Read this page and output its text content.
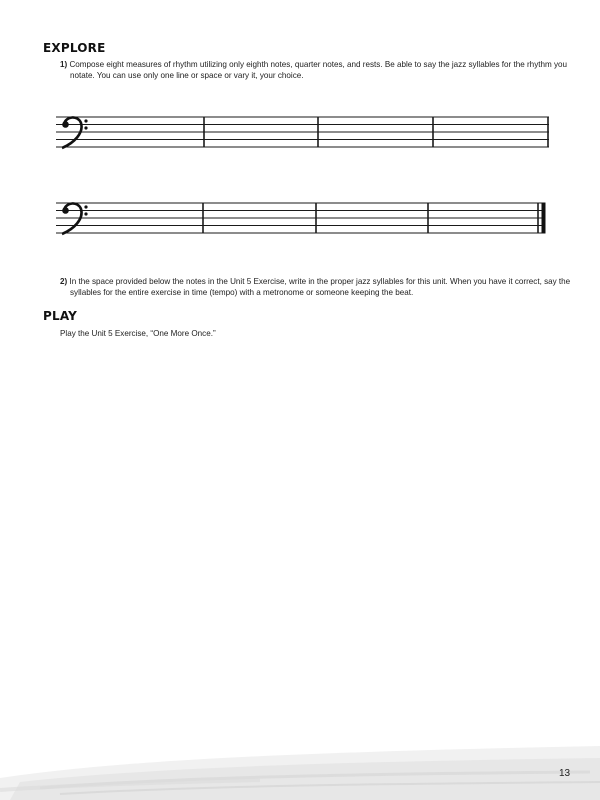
EXPLORE
1) Compose eight measures of rhythm utilizing only eighth notes, quarter notes, and rests. Be able to say the jazz syllables for the rhythm you notate. You can use only one line or space or vary it, your choice.
2) In the space provided below the notes in the Unit 5 Exercise, write in the proper jazz syllables for this unit. When you have it correct, say the syllables for the entire exercise in time (tempo) with a metronome or someone keeping the beat.
PLAY
Play the Unit 5 Exercise, “One More Once.”
13
